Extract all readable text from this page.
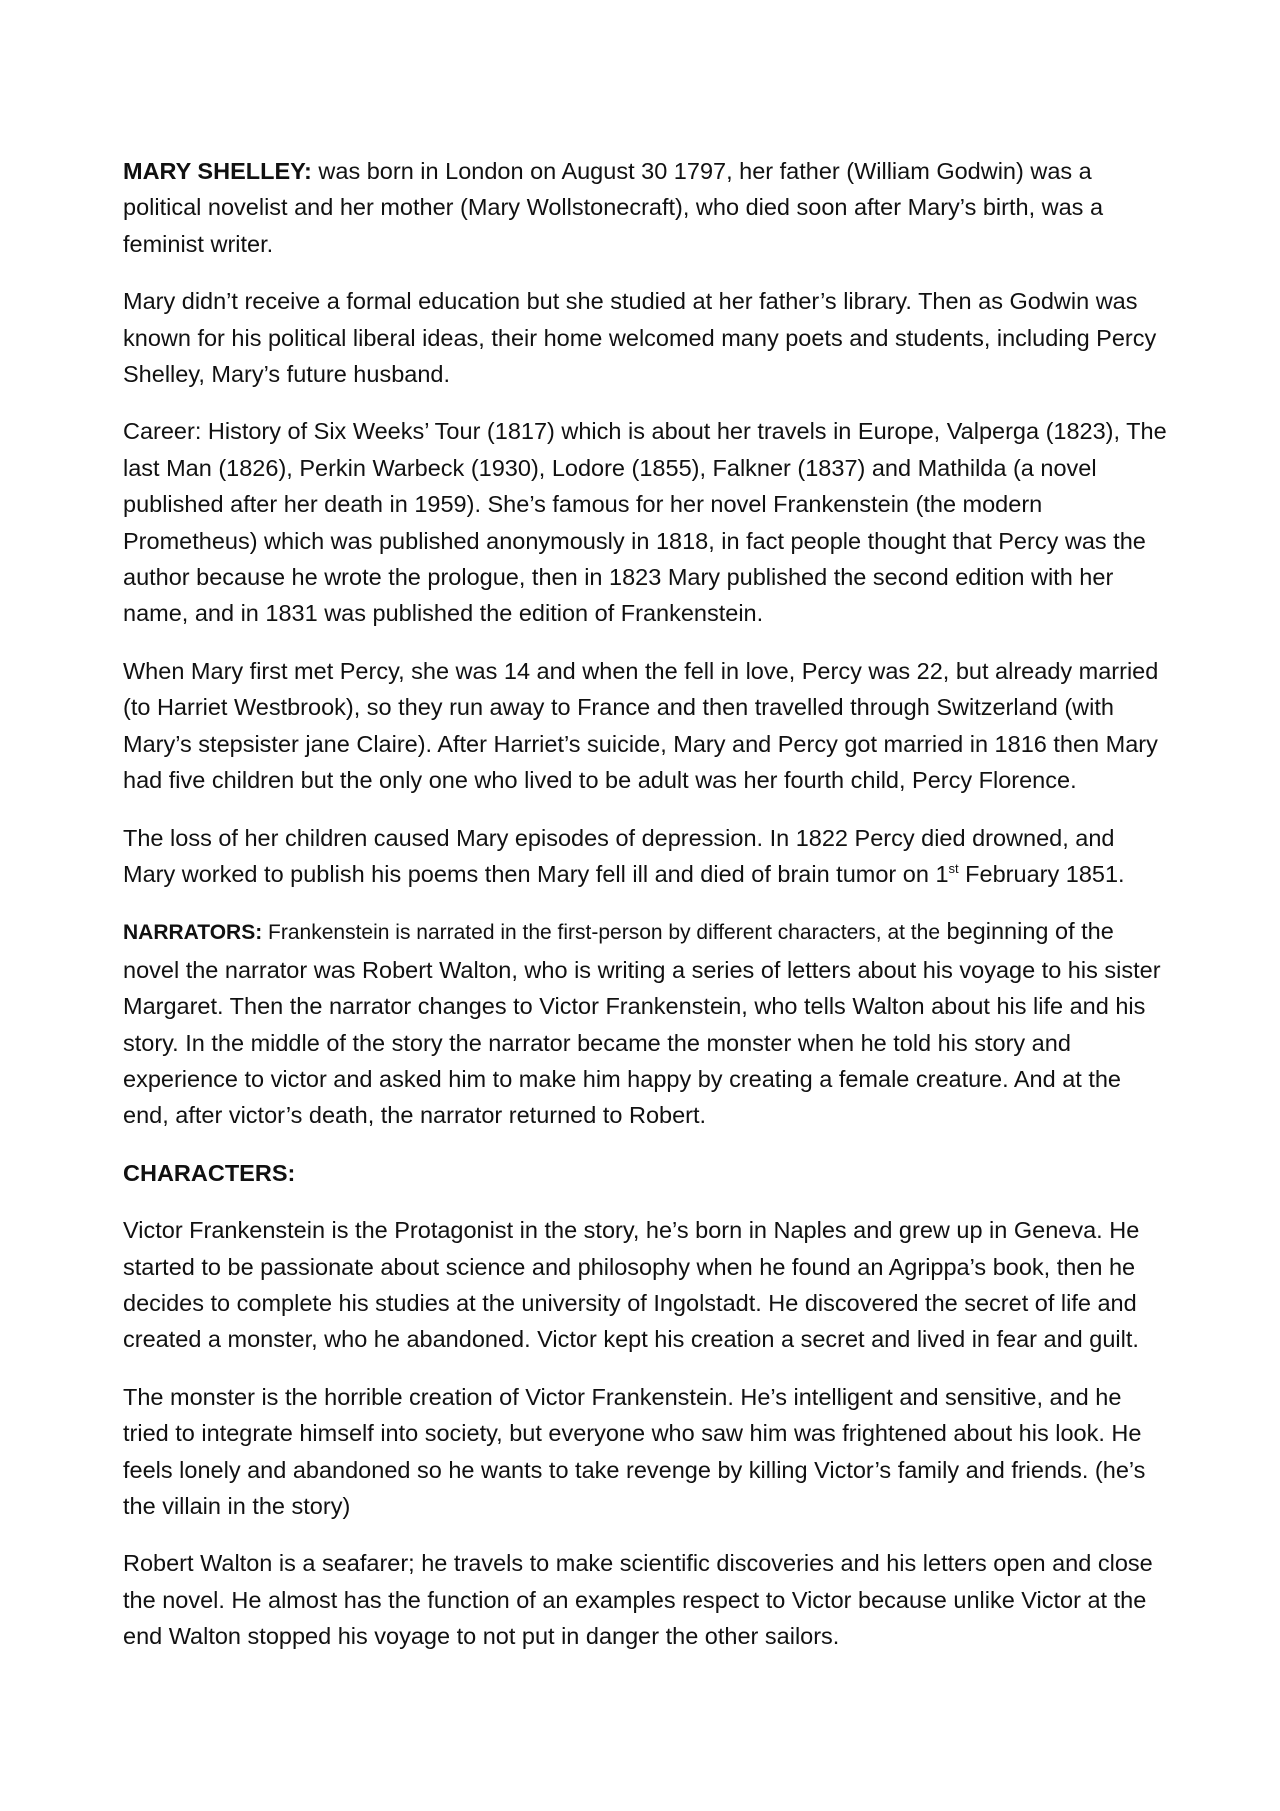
MARY SHELLEY: was born in London on August 30 1797, her father (William Godwin) was a political novelist and her mother (Mary Wollstonecraft), who died soon after Mary’s birth, was a feminist writer.

Mary didn’t receive a formal education but she studied at her father’s library. Then as Godwin was known for his political liberal ideas, their home welcomed many poets and students, including Percy Shelley, Mary’s future husband.

Career: History of Six Weeks’ Tour (1817) which is about her travels in Europe, Valperga (1823), The last Man (1826), Perkin Warbeck (1930), Lodore (1855), Falkner (1837) and Mathilda (a novel published after her death in 1959). She’s famous for her novel Frankenstein (the modern Prometheus) which was published anonymously in 1818, in fact people thought that Percy was the author because he wrote the prologue, then in 1823 Mary published the second edition with her name, and in 1831 was published the edition of Frankenstein.

When Mary first met Percy, she was 14 and when the fell in love, Percy was 22, but already married (to Harriet Westbrook), so they run away to France and then travelled through Switzerland (with Mary’s stepsister jane Claire). After Harriet’s suicide, Mary and Percy got married in 1816 then Mary had five children but the only one who lived to be adult was her fourth child, Percy Florence.

The loss of her children caused Mary episodes of depression. In 1822 Percy died drowned, and Mary worked to publish his poems then Mary fell ill and died of brain tumor on 1st February 1851.

NARRATORS: Frankenstein is narrated in the first-person by different characters, at the beginning of the novel the narrator was Robert Walton, who is writing a series of letters about his voyage to his sister Margaret. Then the narrator changes to Victor Frankenstein, who tells Walton about his life and his story. In the middle of the story the narrator became the monster when he told his story and experience to victor and asked him to make him happy by creating a female creature. And at the end, after victor’s death, the narrator returned to Robert.

CHARACTERS:

Victor Frankenstein is the Protagonist in the story, he’s born in Naples and grew up in Geneva. He started to be passionate about science and philosophy when he found an Agrippa’s book, then he decides to complete his studies at the university of Ingolstadt. He discovered the secret of life and created a monster, who he abandoned. Victor kept his creation a secret and lived in fear and guilt.

The monster is the horrible creation of Victor Frankenstein. He’s intelligent and sensitive, and he tried to integrate himself into society, but everyone who saw him was frightened about his look. He feels lonely and abandoned so he wants to take revenge by killing Victor’s family and friends. (he’s the villain in the story)

Robert Walton is a seafarer; he travels to make scientific discoveries and his letters open and close the novel. He almost has the function of an examples respect to Victor because unlike Victor at the end Walton stopped his voyage to not put in danger the other sailors.
